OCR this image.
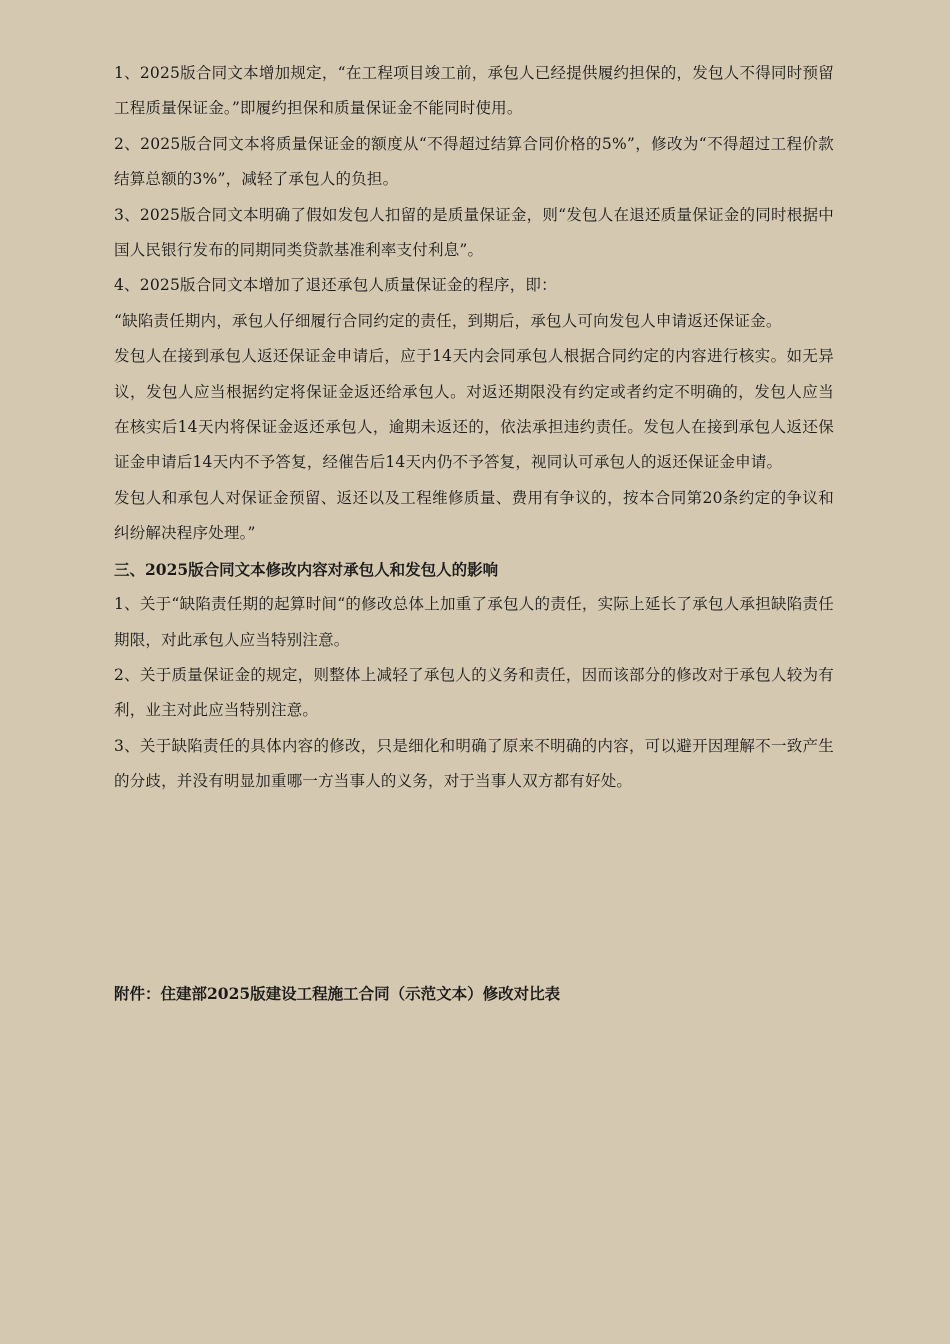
1、2025版合同文本增加规定，“在工程项目竣工前，承包人已经提供履约担保的，发包人不得同时预留工程质量保证金。”即履约担保和质量保证金不能同时使用。

2、2025版合同文本将质量保证金的额度从“不得超过结算合同价格的5%”，修改为“不得超过工程价款结算总额的3%”，减轻了承包人的负担。

3、2025版合同文本明确了假如发包人扣留的是质量保证金，则“发包人在退还质量保证金的同时根据中国人民银行发布的同期同类贷款基准利率支付利息”。

4、2025版合同文本增加了退还承包人质量保证金的程序，即：

“缺陷责任期内，承包人仔细履行合同约定的责任，到期后，承包人可向发包人申请返还保证金。

发包人在接到承包人返还保证金申请后，应于14天内会同承包人根据合同约定的内容进行核实。如无异议，发包人应当根据约定将保证金返还给承包人。对返还期限没有约定或者约定不明确的，发包人应当在核实后14天内将保证金返还承包人，逾期未返还的，依法承担违约责任。发包人在接到承包人返还保证金申请后14天内不予答复，经催告后14天内仍不予答复，视同认可承包人的返还保证金申请。

发包人和承包人对保证金预留、返还以及工程维修质量、费用有争议的，按本合同第20条约定的争议和纠纷解决程序处理。”

三、2025版合同文本修改内容对承包人和发包人的影响

1、关于“缺陷责任期的起算时间“的修改总体上加重了承包人的责任，实际上延长了承包人承担缺陷责任期限，对此承包人应当特别注意。

2、关于质量保证金的规定，则整体上减轻了承包人的义务和责任，因而该部分的修改对于承包人较为有利，业主对此应当特别注意。

3、关于缺陷责任的具体内容的修改，只是细化和明确了原来不明确的内容，可以避开因理解不一致产生的分歧，并没有明显加重哪一方当事人的义务，对于当事人双方都有好处。

附件：住建部2025版建设工程施工合同（示范文本）修改对比表
